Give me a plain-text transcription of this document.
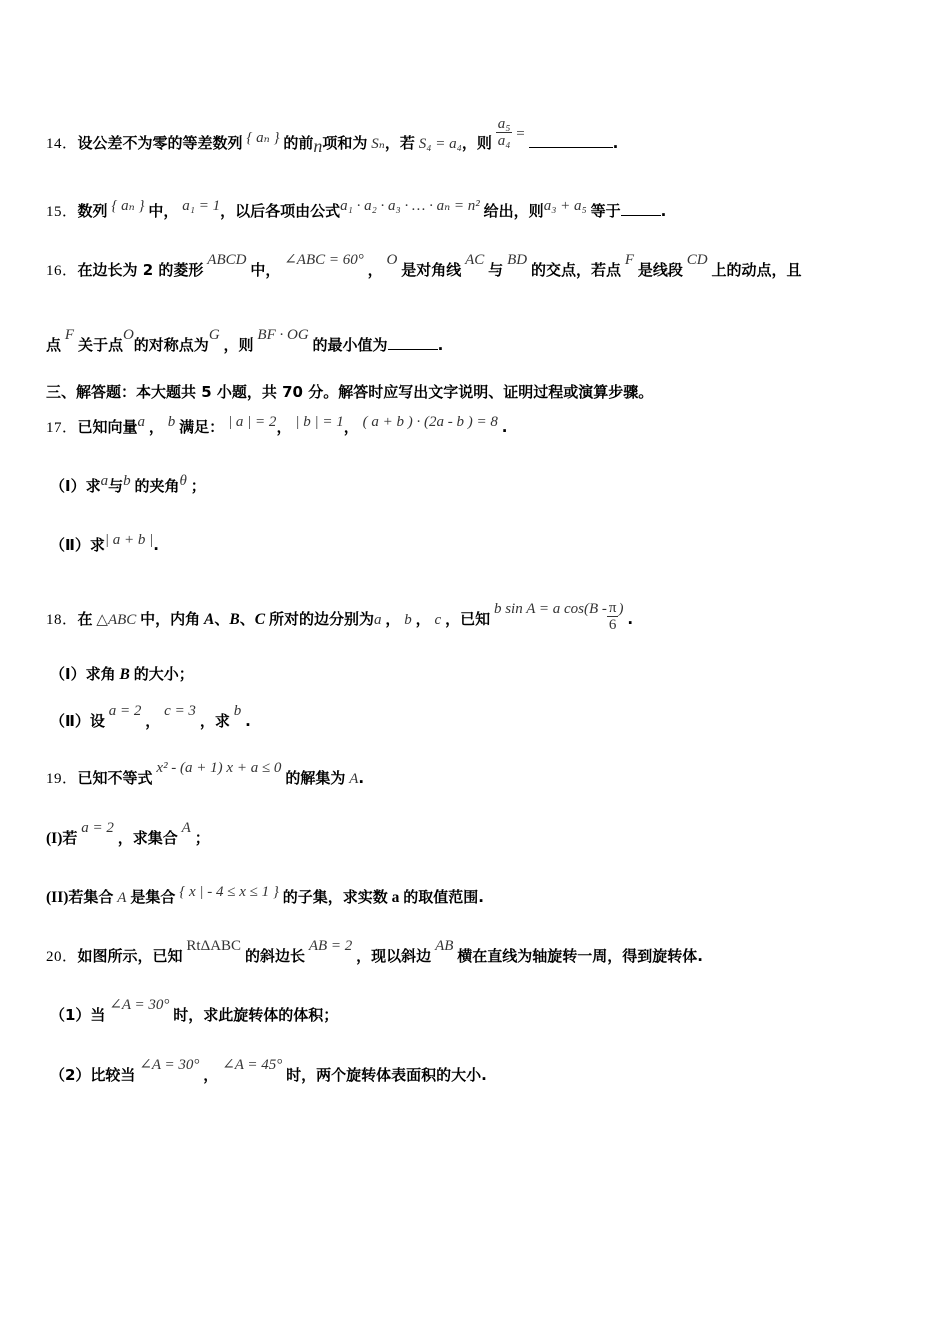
14．设公差不为零的等差数列 { aₙ } 的前n项和为 Sₙ，若 S₄ = a₄，则 $\frac{\text{a₅}}{\text{a₄}}$ =	.
15．数列 { aₙ } 中， a₁ = 1，以后各项由公式a₁ · a₂ · a₃ · … · aₙ = n² 给出，则a₃ + a₅ 等于	.
16．在边长为 2 的菱形 ABCD 中， ∠ABC = 60° ， O 是对角线 AC 与 BD 的交点，若点 F 是线段 CD 上的动点，且
点 F 关于点O的对称点为G ，则 BF · OG 的最小值为	.
三、解答题：本大题共 5 小题，共 70 分。解答时应写出文字说明、证明过程或演算步骤。
17．已知向量a ， b 满足： | a | = 2， | b | = 1， ( a + b ) · (2a - b ) = 8 .
（Ⅰ）求a与b 的夹角θ ；
（Ⅱ）求| a + b |.
18．在 △ABC 中，内角 A、B、C 所对的边分别为a ， b ， c ，已知 b sin A = a $\cos(B - \frac{\pi}{6}$ ) .
（Ⅰ）求角 B 的大小；
（Ⅱ）设 a = 2 ， c = 3 ，求 b .
19．已知不等式 x² - (a + 1) x + a ≤ 0 的解集为 A.
(I)若 a = 2 ，求集合 A ；
(II)若集合 A 是集合 { x | - 4 ≤ x ≤ 1 } 的子集，求实数 a 的取值范围.
20．如图所示，已知 RtΔABC 的斜边长 AB = 2 ，现以斜边 AB 横在直线为轴旋转一周，得到旋转体.
（1）当 ∠A = 30° 时，求此旋转体的体积；
（2）比较当 ∠A = 30° ， ∠A = 45° 时，两个旋转体表面积的大小.
